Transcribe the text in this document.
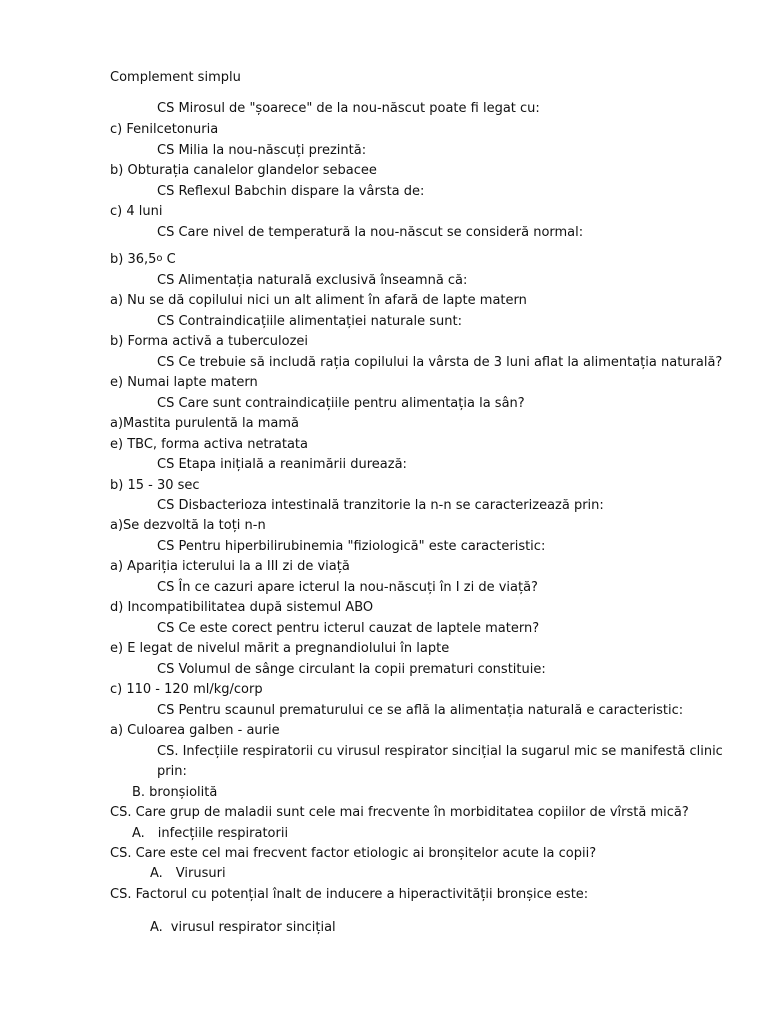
Complement simplu
CS Mirosul de "șoarece" de la nou-născut poate fi legat cu:
c) Fenilcetonuria
CS Milia la nou-născuți prezintă:
b) Obturația canalelor glandelor sebacee
CS Reflexul Babchin dispare la vârsta de:
c) 4 luni
CS Care nivel de temperatură la nou-născut se consideră normal:
b) 36,5$^o$ C
CS Alimentația naturală exclusivă înseamnă că:
a) Nu se dă copilului nici un alt aliment în afară de lapte matern
CS Contraindicațiile alimentației naturale sunt:
b) Forma activă a tuberculozei
CS Ce trebuie să includă rația copilului la vârsta de 3 luni aflat la alimentația naturală?
e) Numai lapte matern
CS Care sunt contraindicațiile pentru alimentația la sân?
a)Mastita purulentă la mamă
e) TBC, forma activa netratata
CS Etapa inițială a reanimării durează:
b) 15 - 30 sec
CS Disbacterioza intestinală tranzitorie la n-n se caracterizează prin:
a)Se dezvoltă la toți n-n
CS Pentru hiperbilirubinemia "fiziologică" este caracteristic:
a) Apariția icterului la a III zi de viață
CS În ce cazuri apare icterul la nou-născuți în I zi de viață?
d) Incompatibilitatea după sistemul ABO
CS Ce este corect pentru icterul cauzat de laptele matern?
e) E legat de nivelul mărit a pregnandiolului în lapte
CS Volumul de sânge circulant la copii prematuri constituie:
c) 110 - 120 ml/kg/corp
CS Pentru scaunul prematurului ce se află la alimentația naturală e caracteristic:
a) Culoarea galben - aurie
CS. Infecțiile respiratorii cu virusul respirator sincițial la sugarul mic se manifestă clinic
prin:
B. bronșiolită
CS. Care grup de maladii sunt cele mai frecvente în morbiditatea copiilor de vîrstă mică?
A. infecțiile respiratorii
CS. Care este cel mai frecvent factor etiologic ai bronșitelor acute la copii?
A. Virusuri
CS. Factorul cu potențial înalt de inducere a hiperactivității bronșice este:
A. virusul respirator sincițial
